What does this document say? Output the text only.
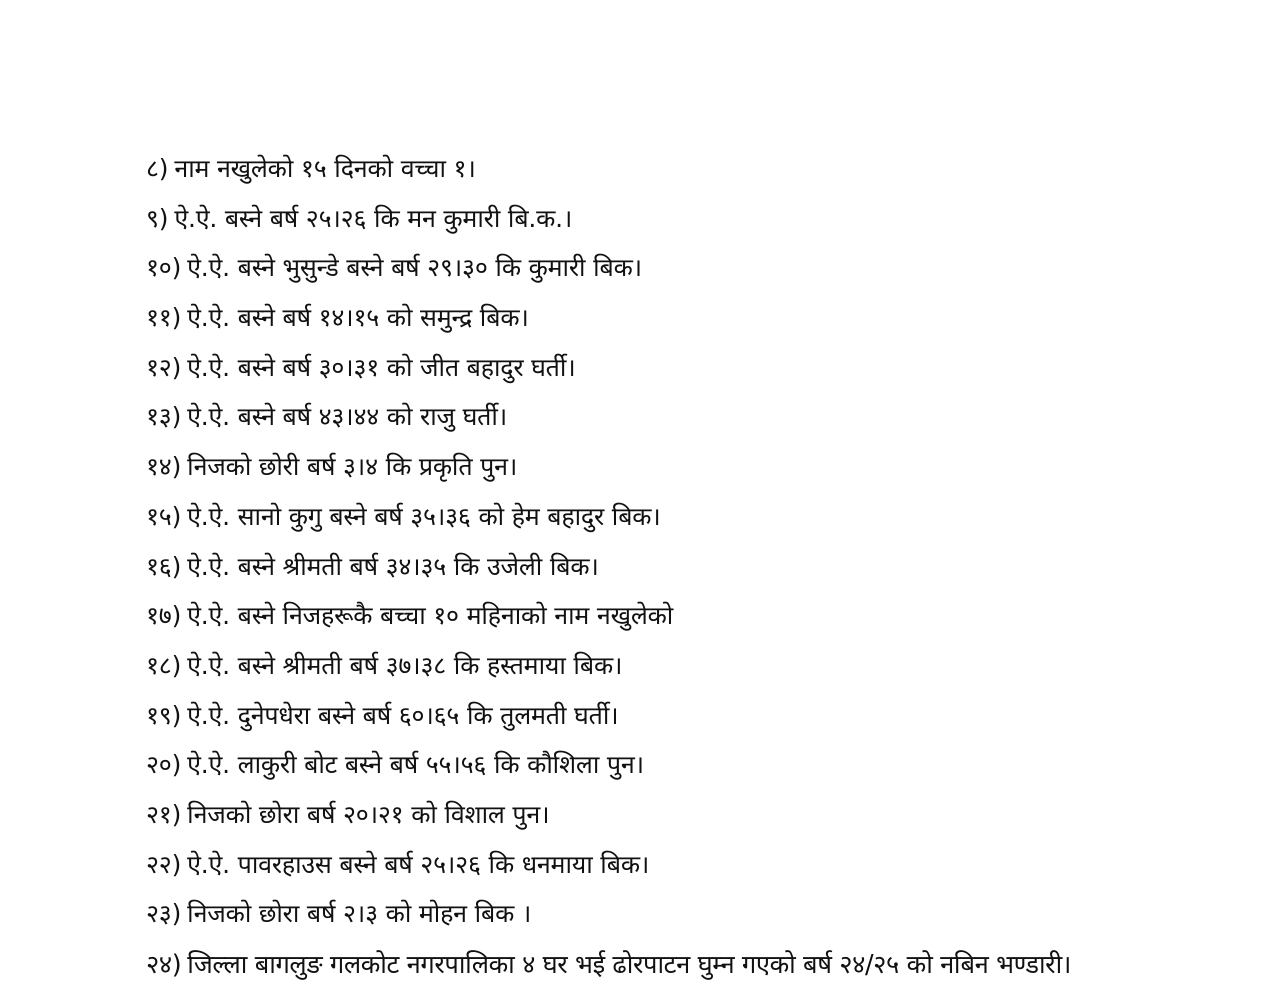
८) नाम नखुलेको १५ दिनको वच्चा १।
९) ऐ.ऐ. बस्ने बर्ष २५।२६ कि मन कुमारी बि.क.।
१०) ऐ.ऐ. बस्ने भुसुन्डे बस्ने बर्ष २९।३० कि कुमारी बिक।
११) ऐ.ऐ. बस्ने बर्ष १४।१५ को समुन्द्र बिक।
१२) ऐ.ऐ. बस्ने बर्ष ३०।३१ को जीत बहादुर घर्ती।
१३) ऐ.ऐ. बस्ने बर्ष ४३।४४ को राजु घर्ती।
१४) निजको छोरी बर्ष ३।४ कि प्रकृति पुन।
१५) ऐ.ऐ. सानो कुगु बस्ने बर्ष ३५।३६ को हेम बहादुर बिक।
१६) ऐ.ऐ. बस्ने श्रीमती बर्ष ३४।३५ कि उजेली बिक।
१७) ऐ.ऐ. बस्ने निजहरूकै बच्चा १० महिनाको नाम नखुलेको
१८) ऐ.ऐ. बस्ने श्रीमती बर्ष ३७।३८ कि हस्तमाया बिक।
१९) ऐ.ऐ. दुनेपधेरा बस्ने बर्ष ६०।६५ कि तुलमती घर्ती।
२०) ऐ.ऐ. लाकुरी बोट बस्ने बर्ष ५५।५६ कि कौशिला पुन।
२१) निजको छोरा बर्ष २०।२१ को विशाल पुन।
२२) ऐ.ऐ. पावरहाउस बस्ने बर्ष २५।२६ कि धनमाया बिक।
२३) निजको छोरा बर्ष २।३ को मोहन बिक ।
२४) जिल्ला बागलुङ गलकोट नगरपालिका ४ घर भई ढोरपाटन घुम्न गएको बर्ष २४/२५ को नबिन भण्डारी।
